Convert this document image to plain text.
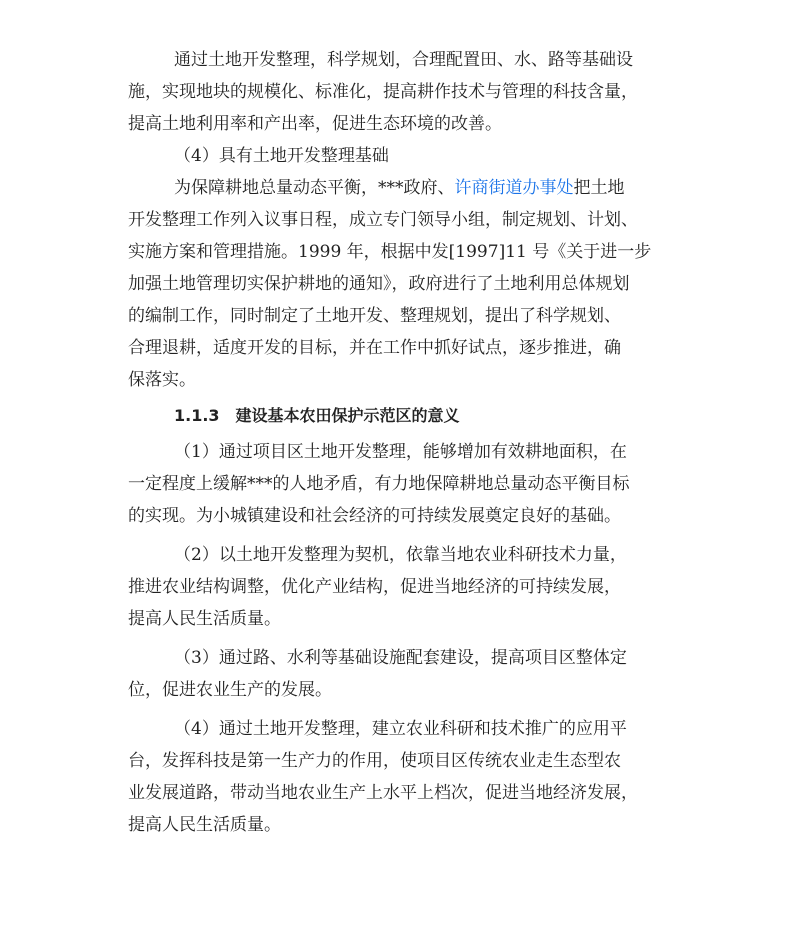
通过土地开发整理，科学规划，合理配置田、水、路等基础设
施，实现地块的规模化、标准化，提高耕作技术与管理的科技含量，
提高土地利用率和产出率，促进生态环境的改善。
（4）具有土地开发整理基础
为保障耕地总量动态平衡，***政府、许商街道办事处把土地
开发整理工作列入议事日程，成立专门领导小组，制定规划、计划、
实施方案和管理措施。1999 年，根据中发[1997]11 号《关于进一步
加强土地管理切实保护耕地的通知》，政府进行了土地利用总体规划
的编制工作，同时制定了土地开发、整理规划，提出了科学规划、
合理退耕，适度开发的目标，并在工作中抓好试点，逐步推进，确
保落实。
1.1.3　建设基本农田保护示范区的意义
（1）通过项目区土地开发整理，能够增加有效耕地面积，在
一定程度上缓解***的人地矛盾，有力地保障耕地总量动态平衡目标
的实现。为小城镇建设和社会经济的可持续发展奠定良好的基础。
（2）以土地开发整理为契机，依靠当地农业科研技术力量，
推进农业结构调整，优化产业结构，促进当地经济的可持续发展，
提高人民生活质量。
（3）通过路、水利等基础设施配套建设，提高项目区整体定
位，促进农业生产的发展。
（4）通过土地开发整理，建立农业科研和技术推广的应用平
台，发挥科技是第一生产力的作用，使项目区传统农业走生态型农
业发展道路，带动当地农业生产上水平上档次，促进当地经济发展，
提高人民生活质量。
